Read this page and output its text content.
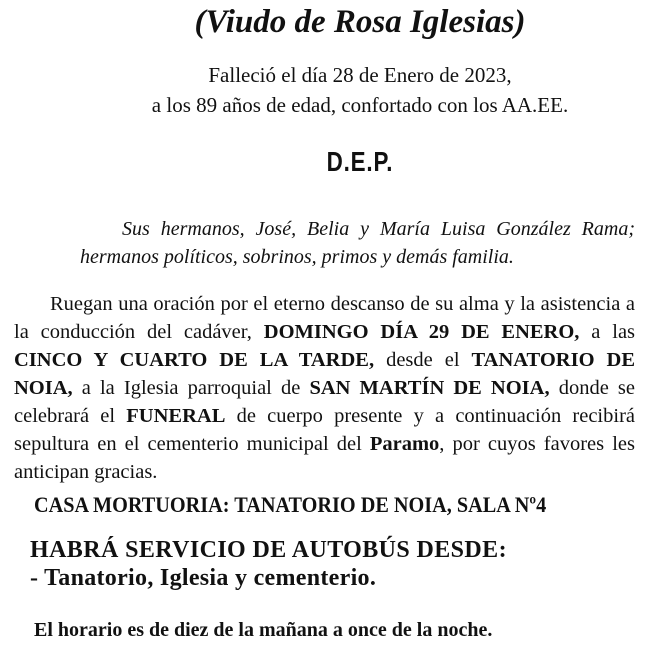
(Viudo de Rosa Iglesias)
Falleció el día 28 de Enero de 2023,
a los 89 años de edad, confortado con los AA.EE.
D.E.P.
Sus hermanos, José, Belia y María Luisa González Rama; hermanos políticos, sobrinos, primos y demás familia.
Ruegan una oración por el eterno descanso de su alma y la asistencia a la conducción del cadáver, DOMINGO DÍA 29 DE ENERO, a las CINCO Y CUARTO DE LA TARDE, desde el TANATORIO DE NOIA, a la Iglesia parroquial de SAN MARTÍN DE NOIA, donde se celebrará el FUNERAL de cuerpo presente y a continuación recibirá sepultura en el cementerio municipal del Paramo, por cuyos favores les anticipan gracias.
CASA MORTUORIA: TANATORIO DE NOIA, SALA Nº4
HABRÁ SERVICIO DE AUTOBÚS DESDE:
- Tanatorio, Iglesia y cementerio.
El horario es de diez de la mañana a once de la noche.
